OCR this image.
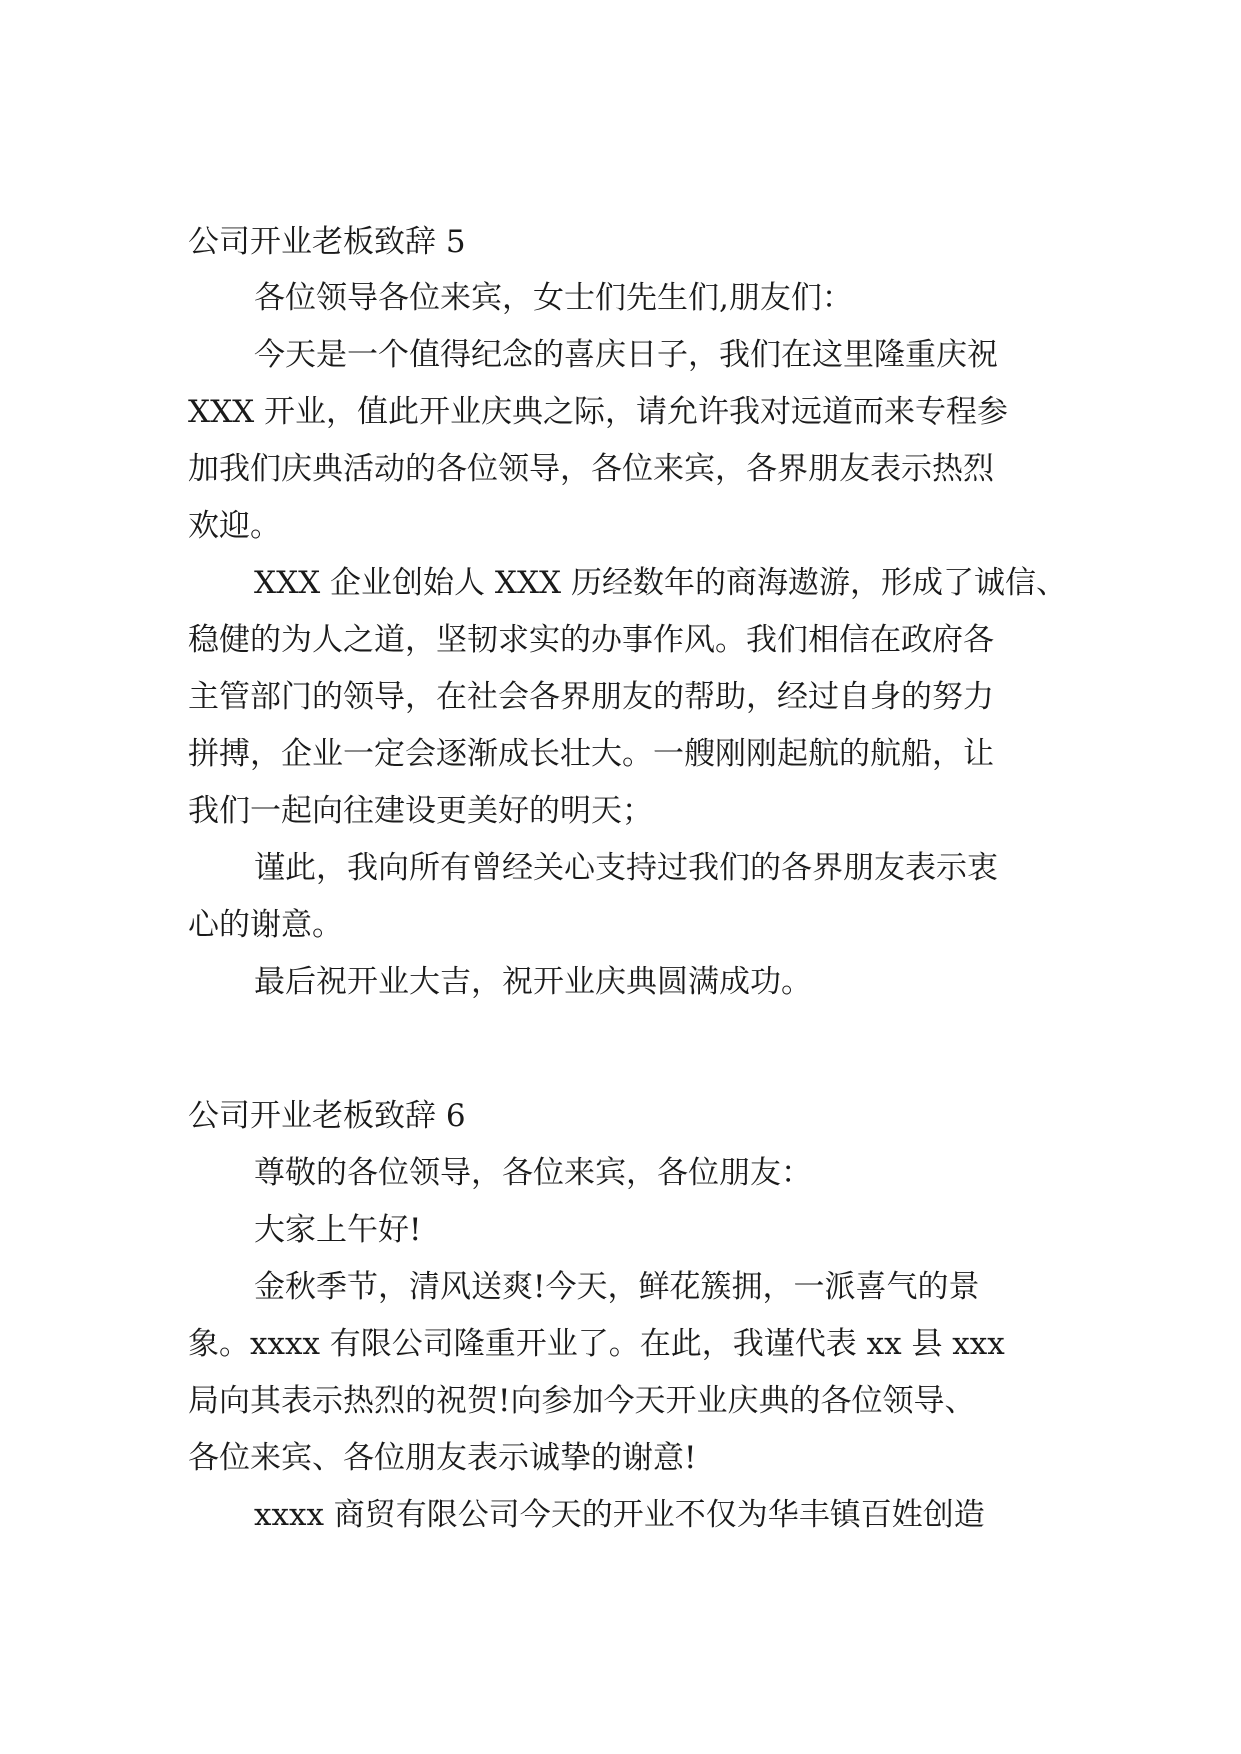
公司开业老板致辞 5

各位领导各位来宾，女士们先生们,朋友们：

今天是一个值得纪念的喜庆日子，我们在这里隆重庆祝

XXX 开业，值此开业庆典之际，请允许我对远道而来专程参

加我们庆典活动的各位领导，各位来宾，各界朋友表示热烈

欢迎。

XXX 企业创始人 XXX 历经数年的商海遨游，形成了诚信、

稳健的为人之道，坚韧求实的办事作风。我们相信在政府各

主管部门的领导，在社会各界朋友的帮助，经过自身的努力

拼搏，企业一定会逐渐成长壮大。一艘刚刚起航的航船，让

我们一起向往建设更美好的明天；

谨此，我向所有曾经关心支持过我们的各界朋友表示衷

心的谢意。

最后祝开业大吉，祝开业庆典圆满成功。

公司开业老板致辞 6

尊敬的各位领导，各位来宾，各位朋友：

大家上午好!

金秋季节，清风送爽!今天，鲜花簇拥，一派喜气的景

象。xxxx 有限公司隆重开业了。在此，我谨代表 xx 县 xxx

局向其表示热烈的祝贺!向参加今天开业庆典的各位领导、

各位来宾、各位朋友表示诚挚的谢意!

xxxx 商贸有限公司今天的开业不仅为华丰镇百姓创造
